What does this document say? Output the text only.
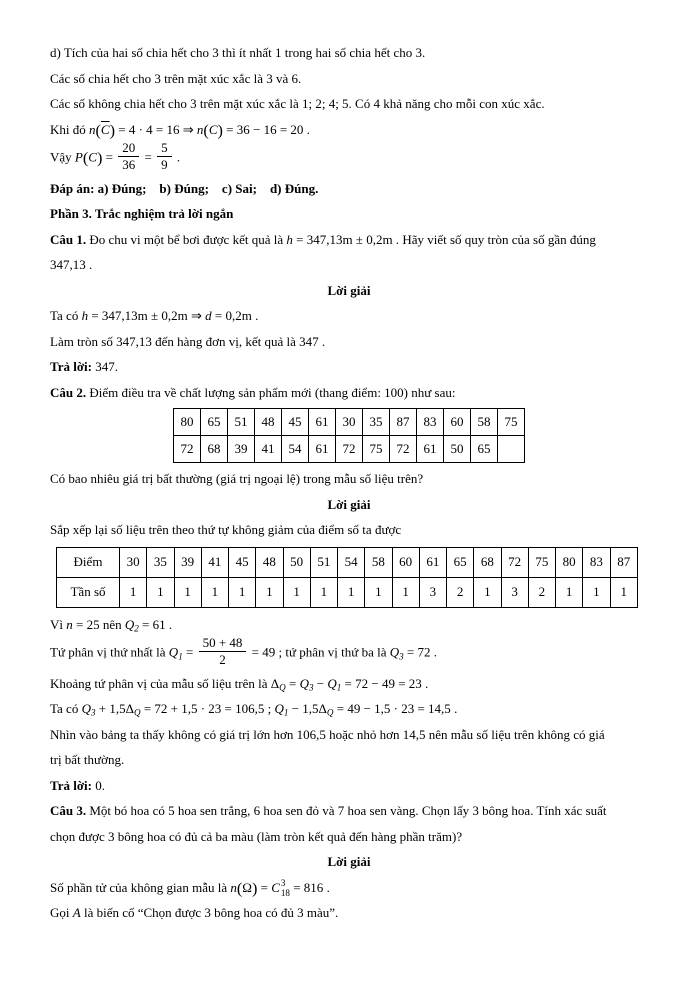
d) Tích của hai số chia hết cho 3 thì ít nhất 1 trong hai số chia hết cho 3.
Các số chia hết cho 3 trên mặt xúc xắc là 3 và 6.
Các số không chia hết cho 3 trên mặt xúc xắc là 1; 2; 4; 5. Có 4 khả năng cho mỗi con xúc xắc.
Khi đó $n(\overline{C}) = 4 \cdot 4 = 16$ ⇒ n(C) = 36 − 16 = 20 .
Vậy $P(C) = \frac{20}{36} = \frac{5}{9}$ .
Đáp án: a) Đúng;    b) Đúng;    c) Sai;    d) Đúng.
Phần 3. Trắc nghiệm trả lời ngắn
Câu 1. Đo chu vi một bể bơi được kết quả là h = 347,13m ± 0,2m . Hãy viết số quy tròn của số gần đúng
347,13 .
Lời giải
Ta có h = 347,13m ± 0,2m ⇒ d = 0,2m .
Làm tròn số 347,13 đến hàng đơn vị, kết quả là 347 .
Trả lời: 347.
Câu 2. Điểm điều tra về chất lượng sản phẩm mới (thang điểm: 100) như sau:
80	65	51	48	45	61	30	35	87	83	60	58	75
72	68	39	41	54	61	72	75	72	61	50	65	
Có bao nhiêu giá trị bất thường (giá trị ngoại lệ) trong mẫu số liệu trên?
Lời giải
Sắp xếp lại số liệu trên theo thứ tự không giảm của điểm số ta được
Điểm	30	35	39	41	45	48	50	51	54	58	60	61	65	68	72	75	80	83	87
Tần số	1	1	1	1	1	1	1	1	1	1	1	3	2	1	3	2	1	1	1
Vì n = 25 nên $Q_2 = 61$ .
Tứ phân vị thứ nhất là $Q_1 = \frac{50 + 48}{2} = 49$ ; tứ phân vị thứ ba là $Q_3 = 72$ .
Khoảng tứ phân vị của mẫu số liệu trên là $\Delta_Q = Q_3 - Q_1 = 72 - 49 = 23$ .
Ta có $Q_3 + 1,5\Delta_Q = 72 + 1,5 \cdot 23 = 106,5$ ; $Q_1 - 1,5\Delta_Q = 49 - 1,5 \cdot 23 = 14,5$ .
Nhìn vào bảng ta thấy không có giá trị lớn hơn 106,5 hoặc nhỏ hơn 14,5 nên mẫu số liệu trên không có giá
trị bất thường.
Trả lời: 0.
Câu 3. Một bó hoa có 5 hoa sen trắng, 6 hoa sen đỏ và 7 hoa sen vàng. Chọn lấy 3 bông hoa. Tính xác suất
chọn được 3 bông hoa có đủ cả ba màu (làm tròn kết quả đến hàng phần trăm)?
Lời giải
Số phần tử của không gian mẫu là n(Ω) = C 3
18 = 816 .
Gọi A là biến cố “Chọn được 3 bông hoa có đủ 3 màu”.
